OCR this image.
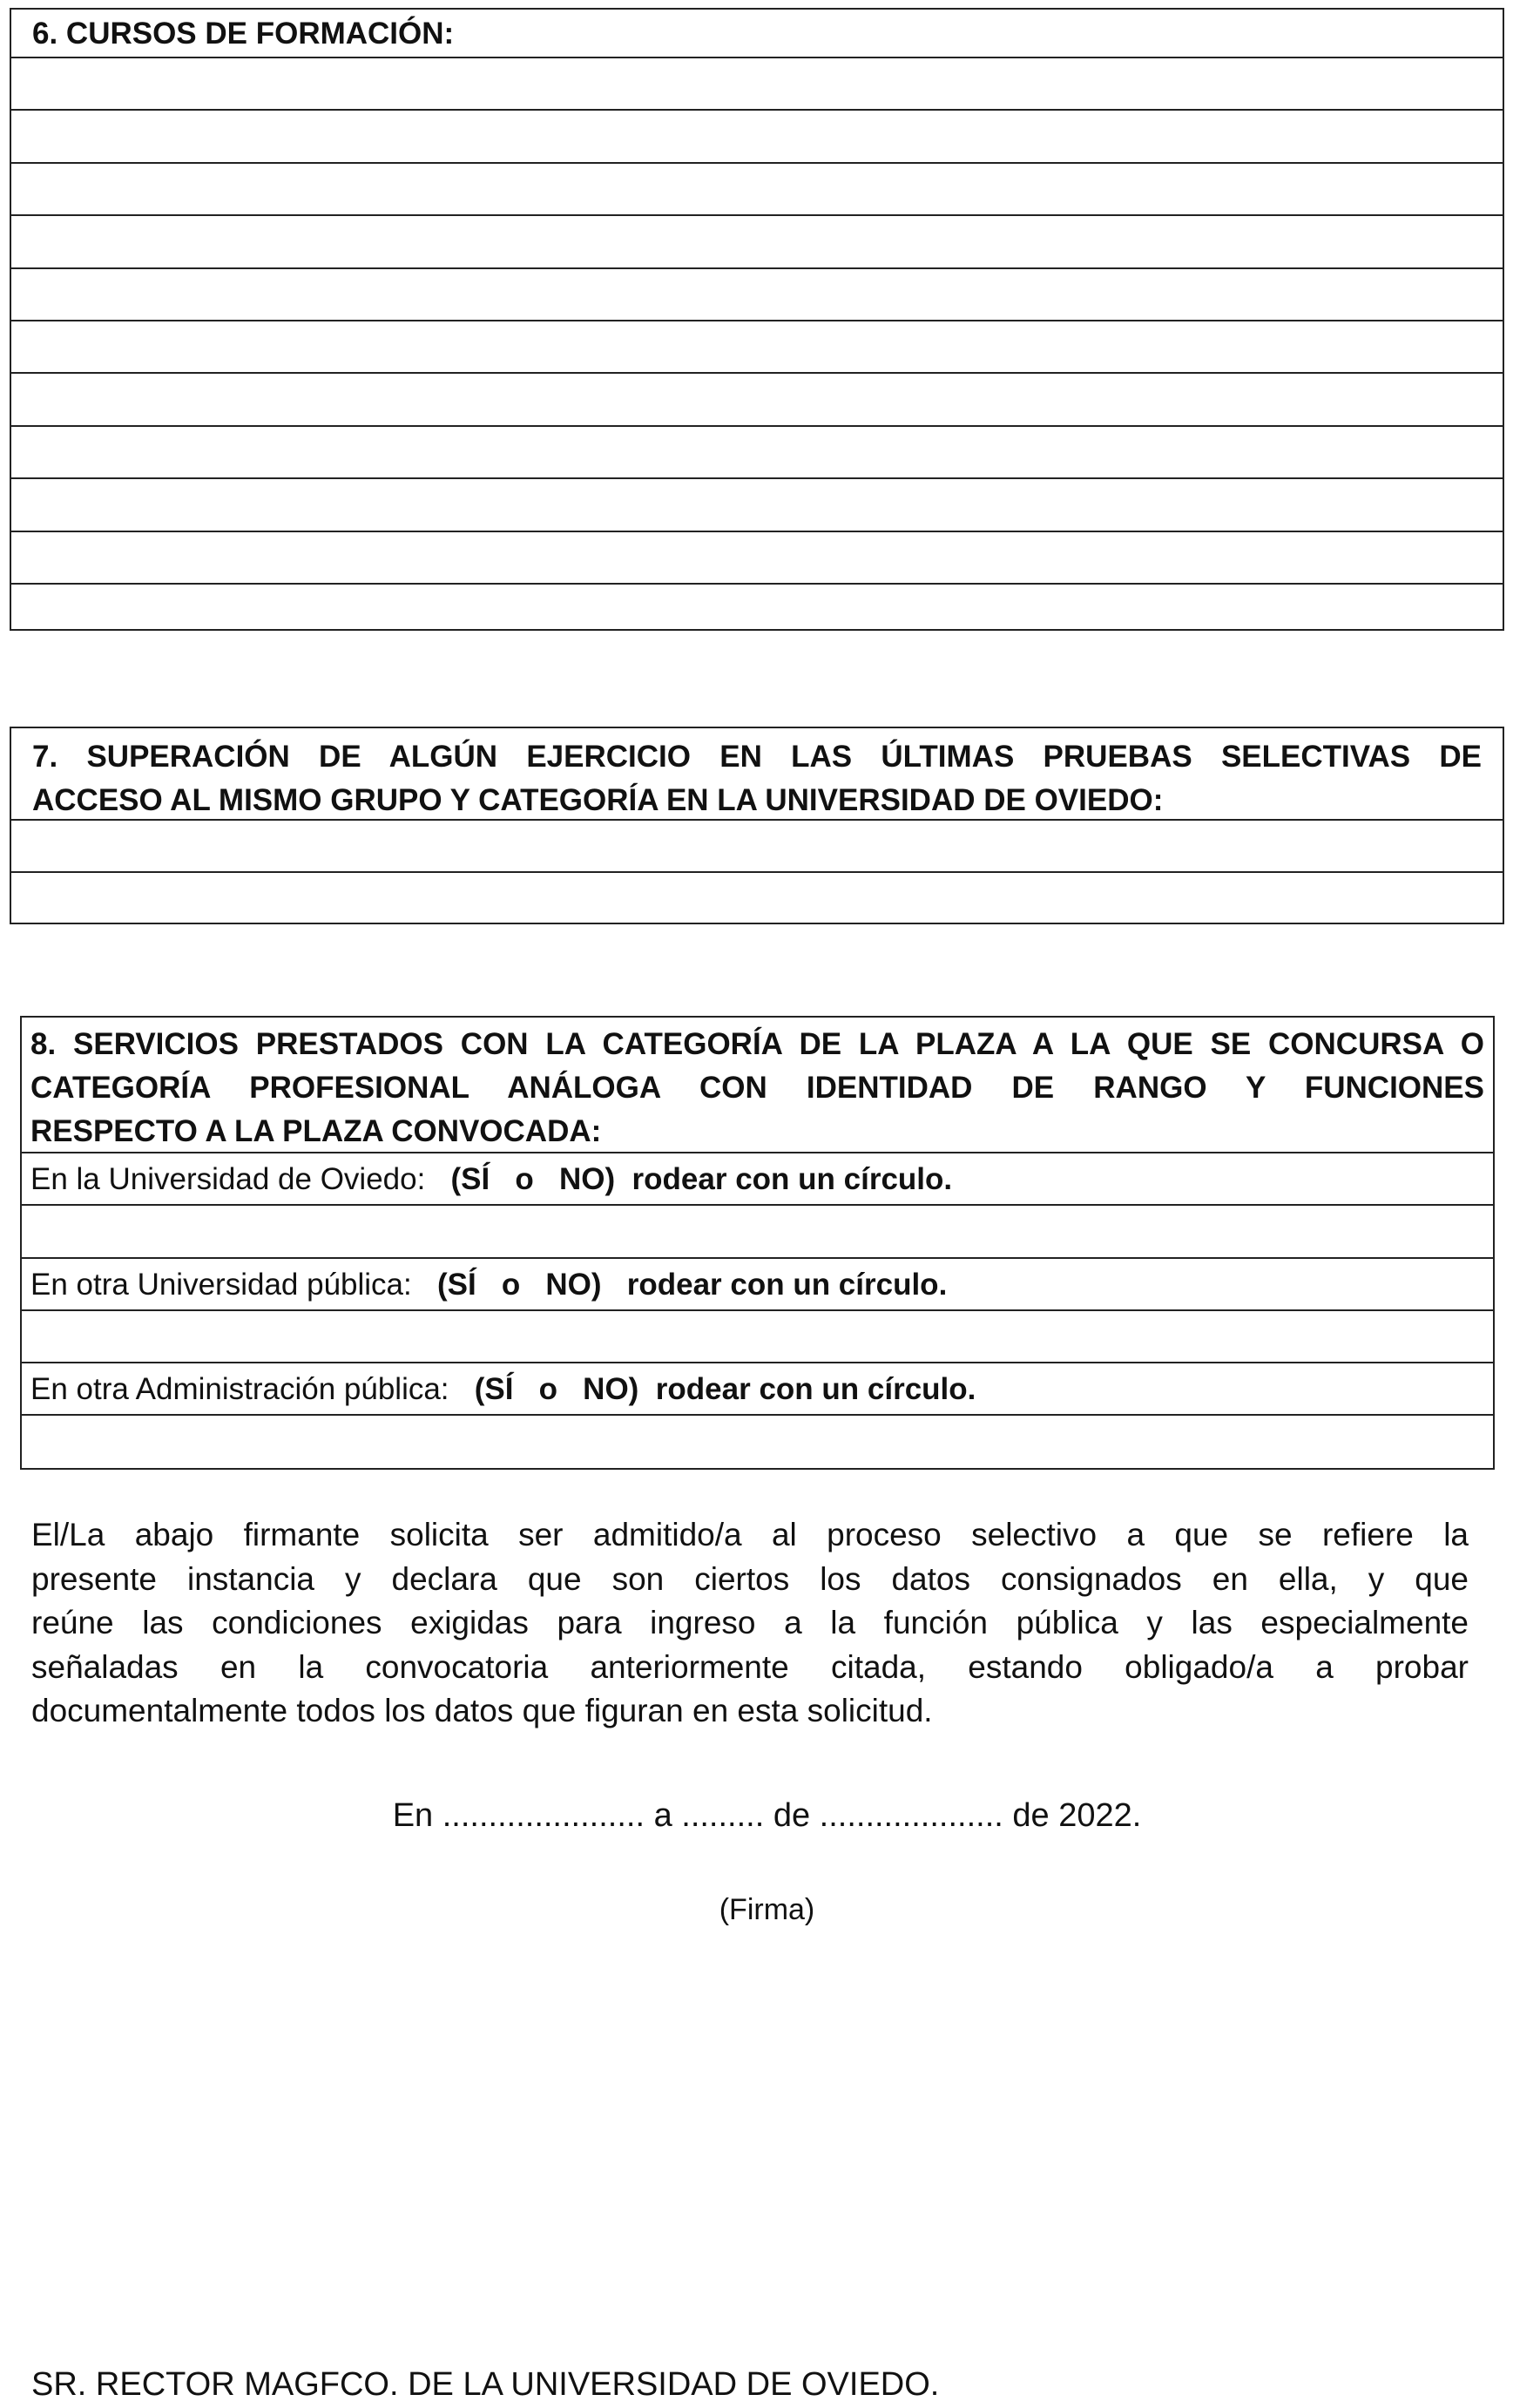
6. CURSOS DE FORMACIÓN:
7. SUPERACIÓN DE ALGÚN EJERCICIO EN LAS ÚLTIMAS PRUEBAS SELECTIVAS DE
ACCESO AL MISMO GRUPO Y CATEGORÍA EN LA UNIVERSIDAD DE OVIEDO:
8. SERVICIOS PRESTADOS CON LA CATEGORÍA DE LA PLAZA A LA QUE SE CONCURSA O
CATEGORÍA PROFESIONAL ANÁLOGA CON IDENTIDAD DE RANGO Y FUNCIONES
RESPECTO A LA PLAZA CONVOCADA:
En la Universidad de Oviedo: (SÍ   o   NO)  rodear con un círculo.
En otra Universidad pública: (SÍ   o   NO)   rodear con un círculo.
En otra Administración pública: (SÍ   o   NO)  rodear con un círculo.
El/La abajo firmante solicita ser admitido/a al proceso selectivo a que se refiere la
presente instancia y declara que son ciertos los datos consignados en ella, y que
reúne las condiciones exigidas para ingreso a la función pública y las especialmente
señaladas en la convocatoria anteriormente citada, estando obligado/a a probar
documentalmente todos los datos que figuran en esta solicitud.
En ...................... a ......... de .................... de 2022.
(Firma)
SR. RECTOR MAGFCO. DE LA UNIVERSIDAD DE OVIEDO.
